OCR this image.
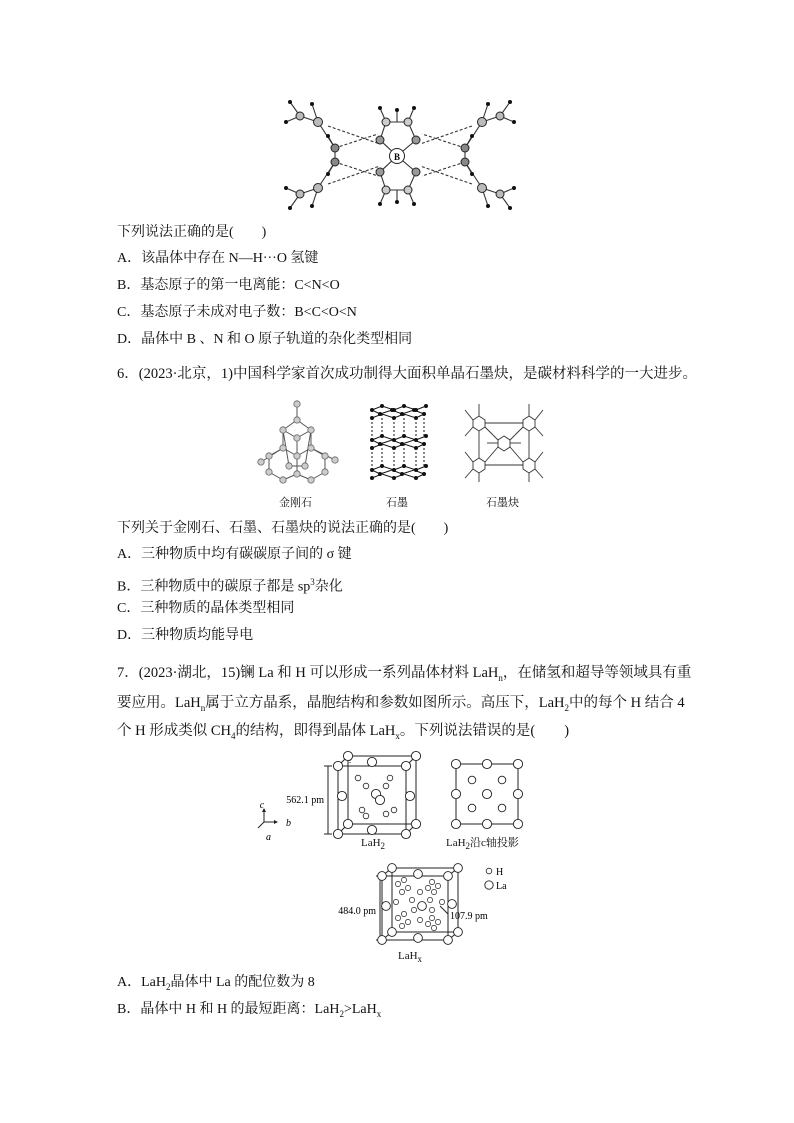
B
下列说法正确的是(　　)
A．该晶体中存在 N—H···O 氢键
B．基态原子的第一电离能：C<N<O
C．基态原子未成对电子数：B<C<O<N
D．晶体中 B 、N 和 O 原子轨道的杂化类型相同
6．(2023·北京，1)中国科学家首次成功制得大面积单晶石墨炔，是碳材料科学的一大进步。
金刚石	石墨	石墨炔
下列关于金刚石、石墨、石墨炔的说法正确的是(　　)
A．三种物质中均有碳碳原子间的 σ 键
B．三种物质中的碳原子都是 $sp^3$杂化
C．三种物质的晶体类型相同
D．三种物质均能导电
7．(2023·湖北，15)镧 La 和 H 可以形成一系列晶体材料 LaH$_n$，在储氢和超导等领域具有重
要应用。LaH$_n$属于立方晶系，晶胞结构和参数如图所示。高压下，LaH$_2$中的每个 H 结合 4
个 H 形成类似 $CH_4$的结构，即得到晶体 LaH$_x$。下列说法错误的是(　　)
562.1 pm
c
b
a	LaH$_2$	LaH$_2$沿c轴投影
484.0 pm	107.9 pm
H
La
LaH$_x$
A．LaH$_2$晶体中 La 的配位数为 8
B．晶体中 H 和 H 的最短距离：LaH$_2$>LaH$_x$
